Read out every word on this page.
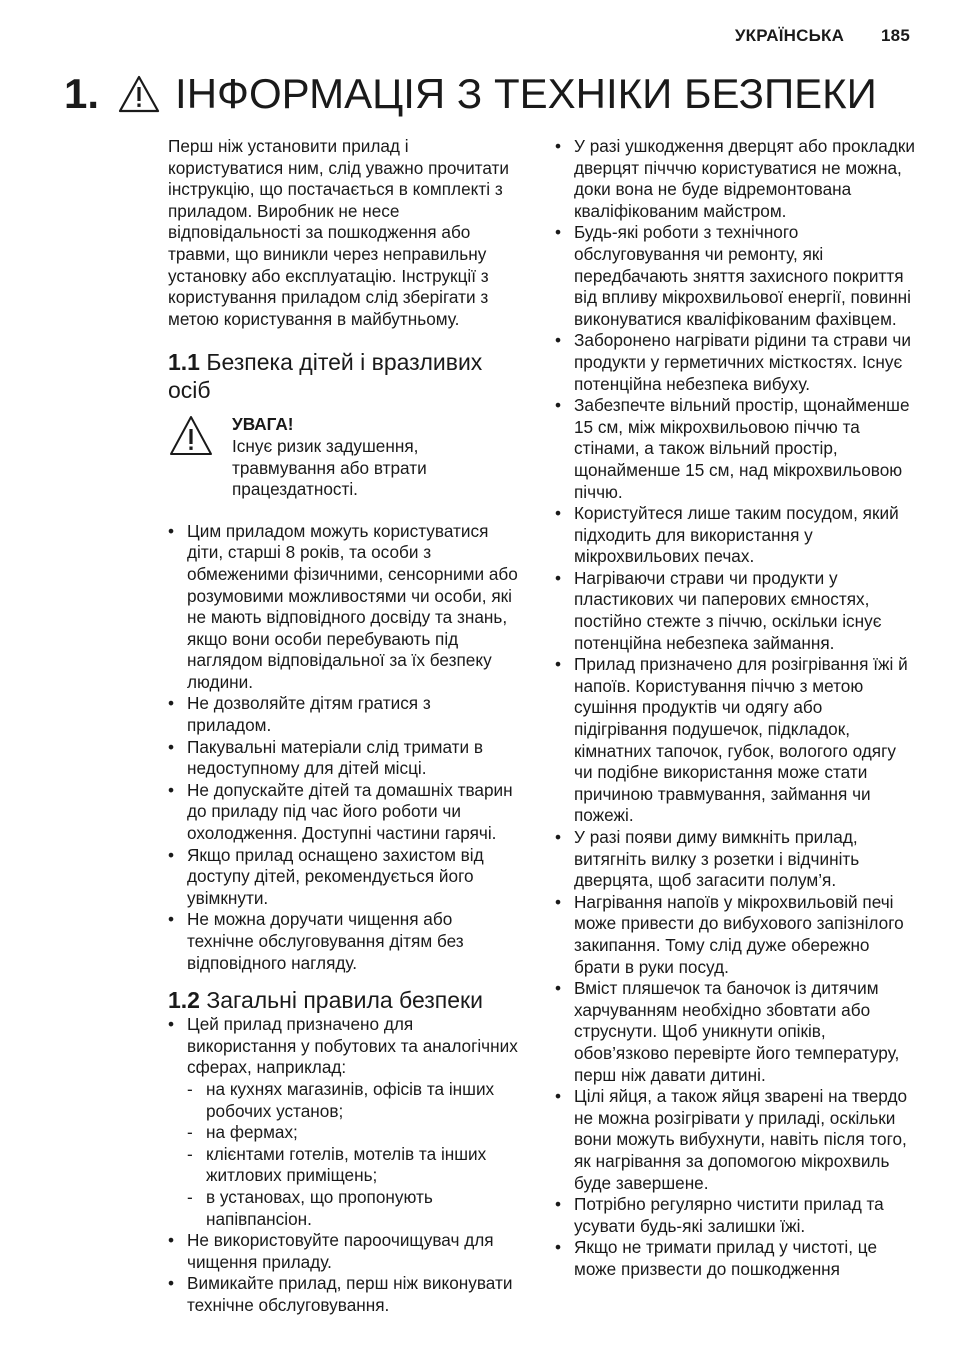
УКРАЇНСЬКА 185
1. ІНФОРМАЦІЯ З ТЕХНІКИ БЕЗПЕКИ

Перш ніж установити прилад і користуватися ним, слід уважно прочитати інструкцію, що постачається в комплекті з приладом. Виробник не несе відповідальності за пошкодження або травми, що виникли через неправильну установку або експлуатацію. Інструкції з користування приладом слід зберігати з метою користування в майбутньому.

1.1 Безпека дітей і вразливих осіб
УВАГА!
Існує ризик задушення, травмування або втрати працездатності.
• Цим приладом можуть користуватися діти, старші 8 років, та особи з обмеженими фізичними, сенсорними або розумовими можливостями чи особи, які не мають відповідного досвіду та знань, якщо вони особи перебувають під наглядом відповідальної за їх безпеку людини.
• Не дозволяйте дітям гратися з приладом.
• Пакувальні матеріали слід тримати в недоступному для дітей місці.
• Не допускайте дітей та домашніх тварин до приладу під час його роботи чи охолодження. Доступні частини гарячі.
• Якщо прилад оснащено захистом від доступу дітей, рекомендується його увімкнути.
• Не можна доручати чищення або технічне обслуговування дітям без відповідного нагляду.
1.2 Загальні правила безпеки
• Цей прилад призначено для використання у побутових та аналогічних сферах, наприклад:
- на кухнях магазинів, офісів та інших робочих установ;
- на фермах;
- клієнтами готелів, мотелів та інших житлових приміщень;
- в установах, що пропонують напівпансіон.
• Не використовуйте пароочищувач для чищення приладу.
• Вимикайте прилад, перш ніж виконувати технічне обслуговування.
• У разі ушкодження дверцят або прокладки дверцят пічччю користуватися не можна, доки вона не буде відремонтована кваліфікованим майстром.
• Будь-які роботи з технічного обслуговування чи ремонту, які передбачають зняття захисного покриття від впливу мікрохвильової енергії, повинні виконуватися кваліфікованим фахівцем.
• Заборонено нагрівати рідини та страви чи продукти у герметичних місткостях. Існує потенційна небезпека вибуху.
• Забезпечте вільний простір, щонайменше 15 см, між мікрохвильовою піччю та стінами, а також вільний простір, щонайменше 15 см, над мікрохвильовою піччю.
• Користуйтеся лише таким посудом, який підходить для використання у мікрохвильових печах.
• Нагріваючи страви чи продукти у пластикових чи паперових ємностях, постійно стежте з піччю, оскільки існує потенційна небезпека займання.
• Прилад призначено для розігрівання їжі й напоїв. Користування піччю з метою сушіння продуктів чи одягу або підігрівання подушечок, підкладок, кімнатних тапочок, губок, вологого одягу чи подібне використання може стати причиною травмування, займання чи пожежі.
• У разі появи диму вимкніть прилад, витягніть вилку з розетки і відчиніть дверцята, щоб загасити полум’я.
• Нагрівання напоїв у мікрохвильовій печі може привести до вибухового запізнілого закипання. Тому слід дуже обережно брати в руки посуд.
• Вміст пляшечок та баночок із дитячим харчуванням необхідно збовтати або струснути. Щоб уникнути опіків, обов’язково перевірте його температуру, перш ніж давати дитині.
• Цілі яйця, а також яйця зварені на твердо не можна розігрівати у приладі, оскільки вони можуть вибухнути, навіть після того, як нагрівання за допомогою мікрохвиль буде завершене.
• Потрібно регулярно чистити прилад та усувати будь-які залишки їжі.
• Якщо не тримати прилад у чистоті, це може призвести до пошкодження
